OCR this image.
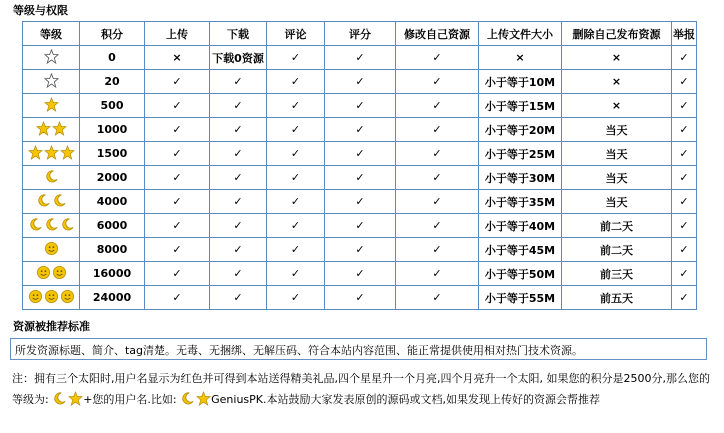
等级与权限
等级	积分	上传	下载	评论	评分	修改自己资源	上传文件大小	删除自己发布资源	举报

	0	×	下载0资源	✓	✓	✓	×	×	✓

	20	✓	✓	✓	✓	✓	小于等于10M	×	✓

	500	✓	✓	✓	✓	✓	小于等于15M	×	✓

	1000	✓	✓	✓	✓	✓	小于等于20M	当天	✓

	1500	✓	✓	✓	✓	✓	小于等于25M	当天	✓

	2000	✓	✓	✓	✓	✓	小于等于30M	当天	✓

	4000	✓	✓	✓	✓	✓	小于等于35M	当天	✓

	6000	✓	✓	✓	✓	✓	小于等于40M	前二天	✓

	8000	✓	✓	✓	✓	✓	小于等于45M	前二天	✓

	16000	✓	✓	✓	✓	✓	小于等于50M	前三天	✓

	24000	✓	✓	✓	✓	✓	小于等于55M	前五天	✓
资源被推荐标准
所发资源标题、简介、tag清楚。无毒、无捆绑、无解压码、符合本站内容范围、能正常提供使用相对热门技术资源。
注：拥有三个太阳时,用户名显示为红色并可得到本站送得精美礼品,四个星星升一个月亮,四个月亮升一个太阳, 如果您的积分是2500分,那么您的等级为:	+您的用户名.比如:	GeniusPK.本站鼓励大家发表原创的源码或文档,如果发现上传好的资源会帮推荐
